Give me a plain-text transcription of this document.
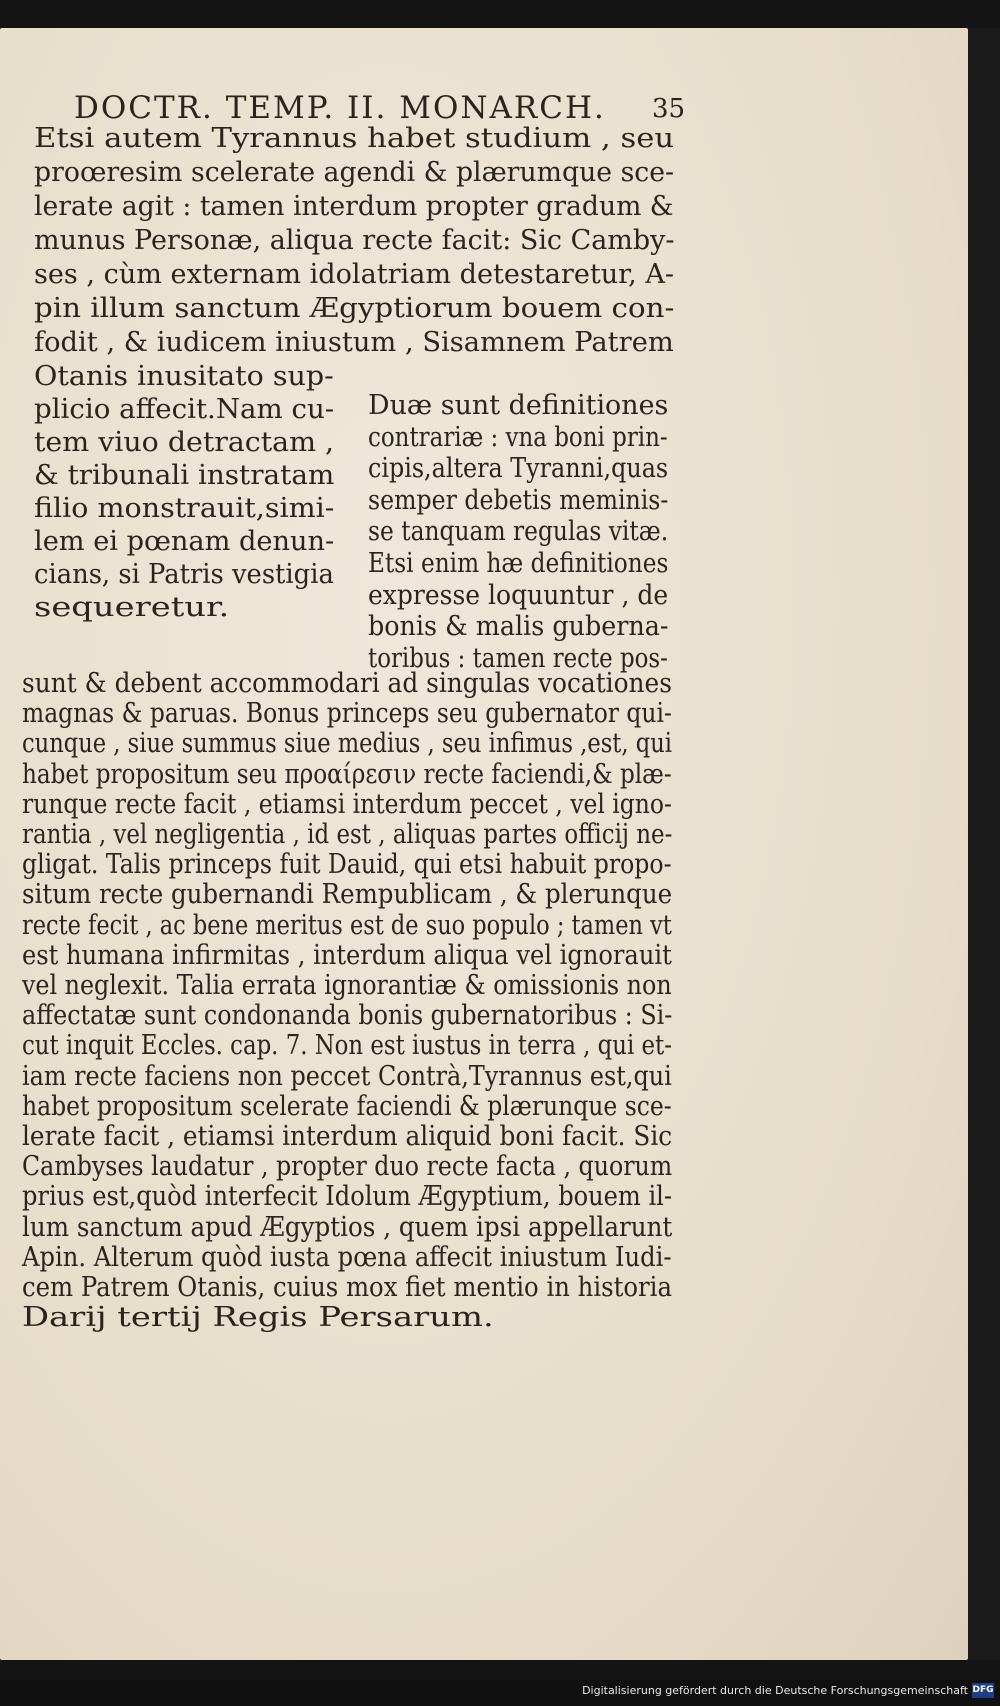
DOCTR. TEMP. II. MONARCH.	35
Etsi autem Tyrannus habet studium , seu
proœresim scelerate agendi & plærumque sce-
lerate agit : tamen interdum propter gradum &
munus Personæ, aliqua recte facit: Sic Camby-
ses , cùm externam idolatriam detestaretur, A-
pin illum sanctum Ægyptiorum bouem con-
fodit , & iudicem iniustum , Sisamnem Patrem
Otanis inusitato sup-
plicio affecit.Nam cu-
tem viuo detractam ,
& tribunali instratam
filio monstrauit,simi-
lem ei pœnam denun-
cians, si Patris vestigia
sequeretur.
Duæ sunt definitiones
contrariæ : vna boni prin-
cipis,altera Tyranni,quas
semper debetis meminis-
se tanquam regulas vitæ.
Etsi enim hæ definitiones
expresse loquuntur , de
bonis & malis guberna-
toribus : tamen recte pos-
sunt & debent accommodari ad singulas vocationes
magnas & paruas. Bonus princeps seu gubernator qui-
cunque , siue summus siue medius , seu infimus ,est, qui
habet propositum seu προαίρεσιν recte faciendi,& plæ-
runque recte facit , etiamsi interdum peccet , vel igno-
rantia , vel negligentia , id est , aliquas partes officij ne-
gligat. Talis princeps fuit Dauid, qui etsi habuit propo-
situm recte gubernandi Rempublicam , & plerunque
recte fecit , ac bene meritus est de suo populo ; tamen vt
est humana infirmitas , interdum aliqua vel ignorauit
vel neglexit. Talia errata ignorantiæ & omissionis non
affectatæ sunt condonanda bonis gubernatoribus : Si-
cut inquit Eccles. cap. 7. Non est iustus in terra , qui et-
iam recte faciens non peccet Contrà,Tyrannus est,qui
habet propositum scelerate faciendi & plærunque sce-
lerate facit , etiamsi interdum aliquid boni facit. Sic
Cambyses laudatur , propter duo recte facta , quorum
prius est,quòd interfecit Idolum Ægyptium, bouem il-
lum sanctum apud Ægyptios , quem ipsi appellarunt
Apin. Alterum quòd iusta pœna affecit iniustum Iudi-
cem Patrem Otanis, cuius mox fiet mentio in historia
Darij tertij Regis Persarum.
Digitalisierung gefördert durch die Deutsche Forschungsgemeinschaft DFG
